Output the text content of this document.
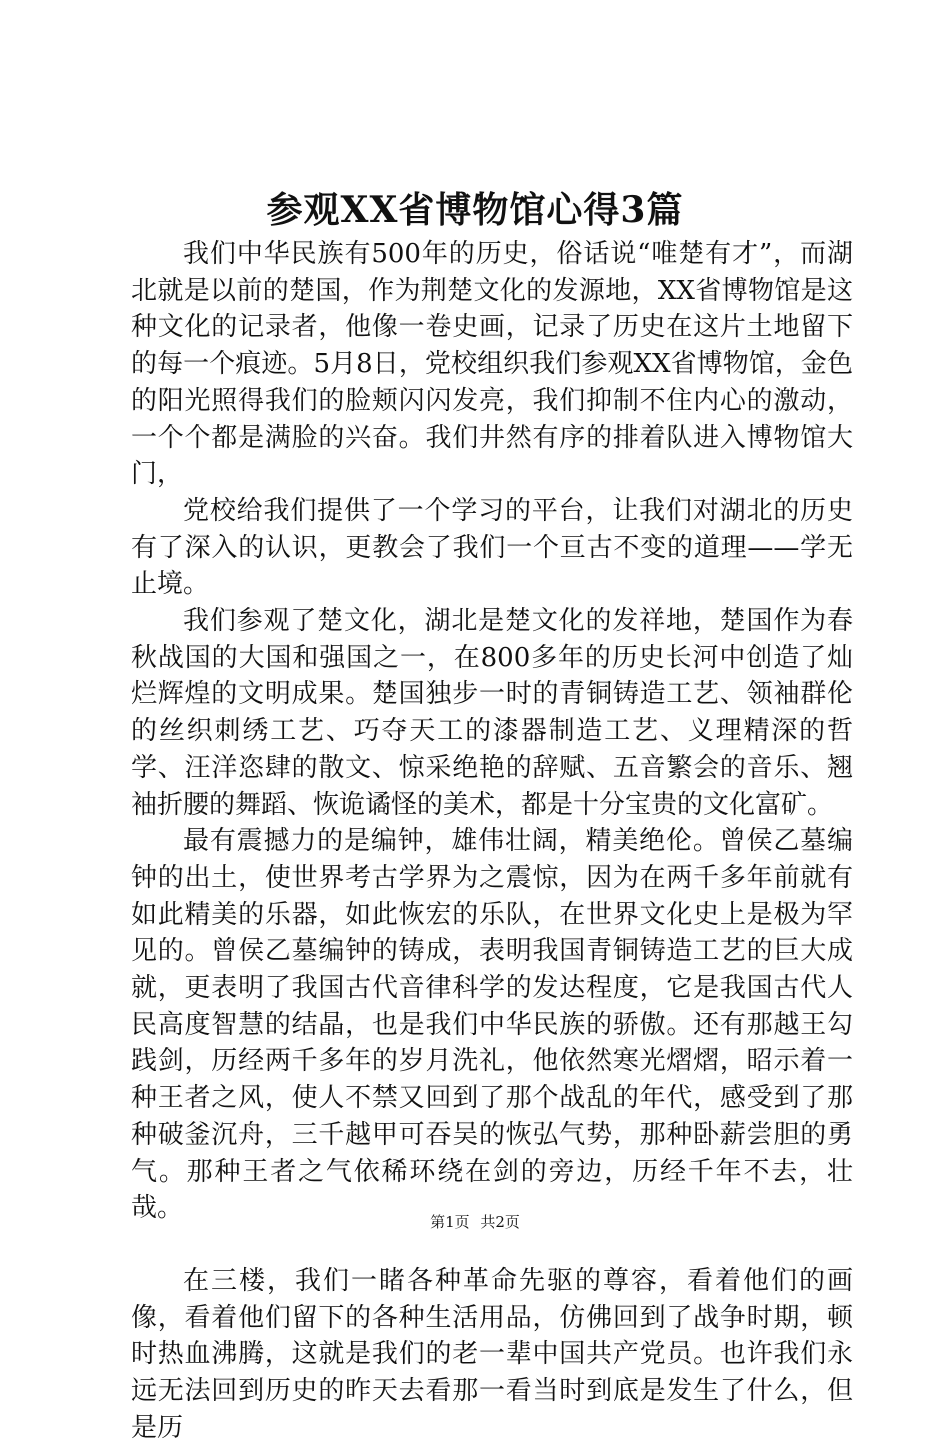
参观XX省博物馆心得3篇

我们中华民族有500年的历史，俗话说“唯楚有才”，而湖北就是以前的楚国，作为荆楚文化的发源地，XX省博物馆是这种文化的记录者，他像一卷史画，记录了历史在这片土地留下的每一个痕迹。5月8日，党校组织我们参观XX省博物馆，金色的阳光照得我们的脸颊闪闪发亮，我们抑制不住内心的激动，一个个都是满脸的兴奋。我们井然有序的排着队进入博物馆大门，

党校给我们提供了一个学习的平台，让我们对湖北的历史有了深入的认识，更教会了我们一个亘古不变的道理——学无止境。

我们参观了楚文化，湖北是楚文化的发祥地，楚国作为春秋战国的大国和强国之一，在800多年的历史长河中创造了灿烂辉煌的文明成果。楚国独步一时的青铜铸造工艺、领袖群伦的丝织刺绣工艺、巧夺天工的漆器制造工艺、义理精深的哲学、汪洋恣肆的散文、惊采绝艳的辞赋、五音繁会的音乐、翘袖折腰的舞蹈、恢诡谲怪的美术，都是十分宝贵的文化富矿。

最有震撼力的是编钟，雄伟壮阔，精美绝伦。曾侯乙墓编钟的出土，使世界考古学界为之震惊，因为在两千多年前就有如此精美的乐器，如此恢宏的乐队，在世界文化史上是极为罕见的。曾侯乙墓编钟的铸成，表明我国青铜铸造工艺的巨大成就，更表明了我国古代音律科学的发达程度，它是我国古代人民高度智慧的结晶，也是我们中华民族的骄傲。还有那越王勾践剑，历经两千多年的岁月洗礼，他依然寒光熠熠，昭示着一种王者之风，使人不禁又回到了那个战乱的年代，感受到了那种破釜沉舟，三千越甲可吞吴的恢弘气势，那种卧薪尝胆的勇气。那种王者之气依稀环绕在剑的旁边，历经千年不去，壮哉。

在三楼，我们一睹各种革命先驱的尊容，看着他们的画像，看着他们留下的各种生活用品，仿佛回到了战争时期，顿时热血沸腾，这就是我们的老一辈中国共产党员。也许我们永远无法回到历史的昨天去看那一看当时到底是发生了什么，但是历

第1页 共2页
